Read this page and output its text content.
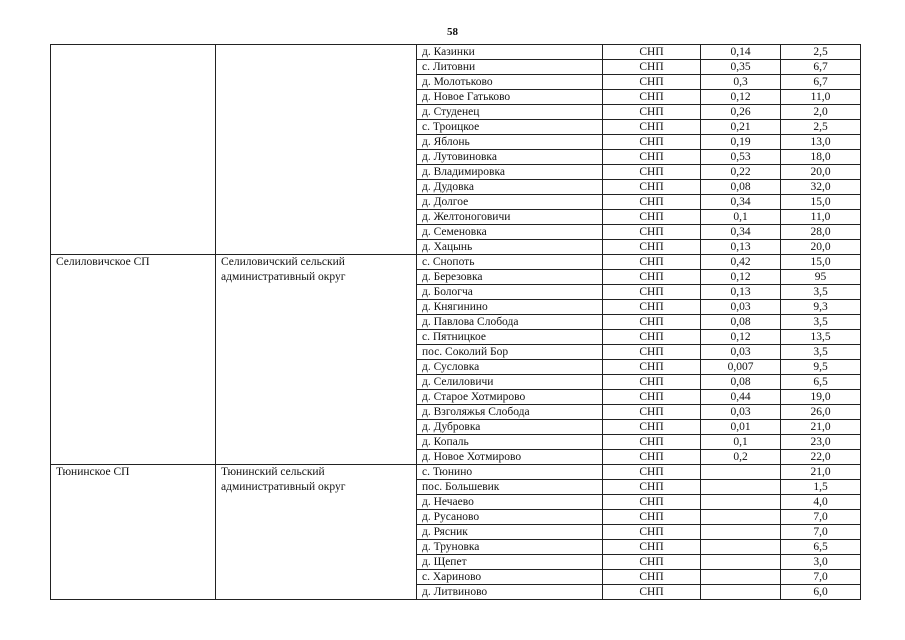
58
		д. Казинки	СНП	0,14	2,5
		с. Литовни	СНП	0,35	6,7
		д. Молотьково	СНП	0,3	6,7
		д. Новое Гатьково	СНП	0,12	11,0
		д. Студенец	СНП	0,26	2,0
		с. Троицкое	СНП	0,21	2,5
		д. Яблонь	СНП	0,19	13,0
		д. Лутовиновка	СНП	0,53	18,0
		д. Владимировка	СНП	0,22	20,0
		д. Дудовка	СНП	0,08	32,0
		д. Долгое	СНП	0,34	15,0
		д. Желтоноговичи	СНП	0,1	11,0
		д. Семеновка	СНП	0,34	28,0
		д. Хацынь	СНП	0,13	20,0
Селиловичское СП	Селиловичский сельский административный округ	с. Снопоть	СНП	0,42	15,0
		д. Березовка	СНП	0,12	95
		д. Бологча	СНП	0,13	3,5
		д. Княгинино	СНП	0,03	9,3
		д. Павлова Слобода	СНП	0,08	3,5
		с. Пятницкое	СНП	0,12	13,5
		пос. Соколий Бор	СНП	0,03	3,5
		д. Сусловка	СНП	0,007	9,5
		д. Селиловичи	СНП	0,08	6,5
		д. Старое Хотмирово	СНП	0,44	19,0
		д. Взголяжья Слобода	СНП	0,03	26,0
		д. Дубровка	СНП	0,01	21,0
		д. Копаль	СНП	0,1	23,0
		д. Новое Хотмирово	СНП	0,2	22,0
Тюнинское СП	Тюнинский сельский административный округ	с. Тюнино	СНП		21,0
		пос. Большевик	СНП		1,5
		д. Нечаево	СНП		4,0
		д. Русаново	СНП		7,0
		д. Рясник	СНП		7,0
		д. Труновка	СНП		6,5
		д. Щепет	СНП		3,0
		с. Хариново	СНП		7,0
		д. Литвиново	СНП		6,0
